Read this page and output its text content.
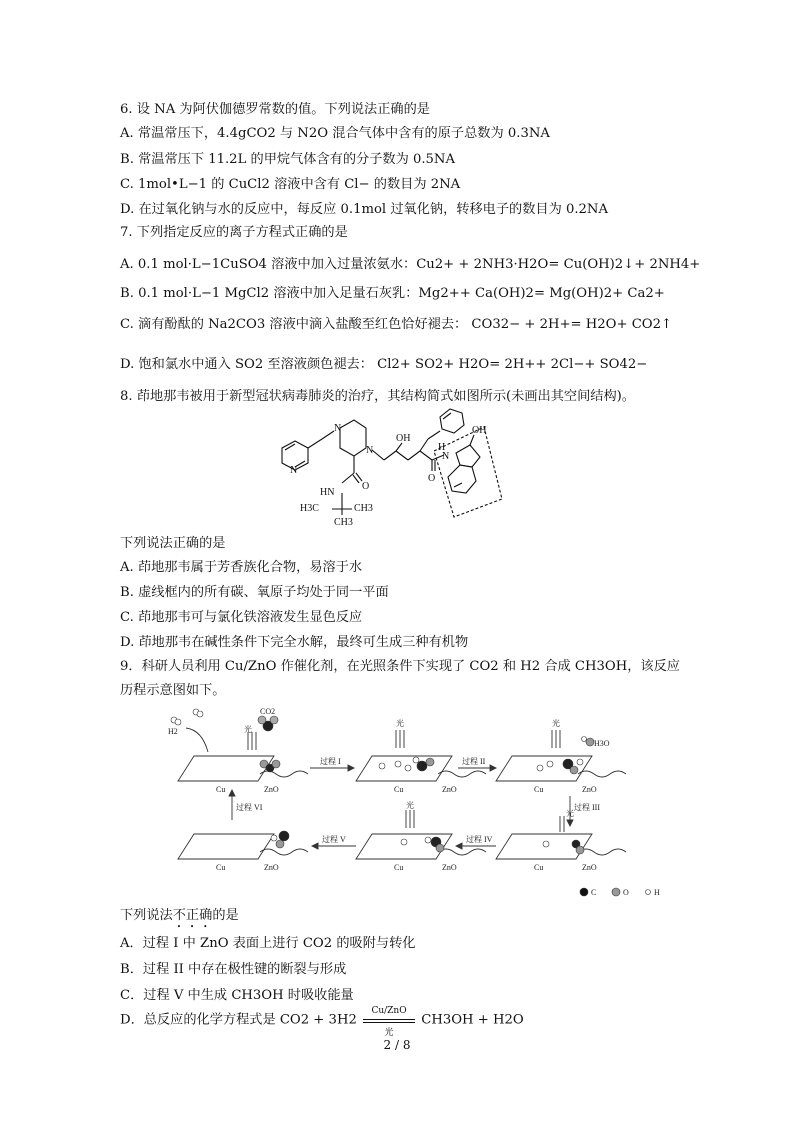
6. 设 NA 为阿伏伽德罗常数的值。下列说法正确的是
A. 常温常压下，4.4gCO2 与 N2O 混合气体中含有的原子总数为 0.3NA
B. 常温常压下 11.2L 的甲烷气体含有的分子数为 0.5NA
C. 1mol•L−1 的 CuCl2 溶液中含有 Cl− 的数目为 2NA
D. 在过氧化钠与水的反应中，每反应 0.1mol 过氧化钠，转移电子的数目为 0.2NA
7. 下列指定反应的离子方程式正确的是
A. 0.1 mol·L−1CuSO4 溶液中加入过量浓氨水：Cu2+ + 2NH3·H2O= Cu(OH)2↓+ 2NH4+
B. 0.1 mol·L−1 MgCl2 溶液中加入足量石灰乳：Mg2++ Ca(OH)2= Mg(OH)2+ Ca2+
C. 滴有酚酞的 Na2CO3 溶液中滴入盐酸至红色恰好褪去： CO32− + 2H+= H2O+ CO2↑
D. 饱和氯水中通入 SO2 至溶液颜色褪去： Cl2+ SO2+ H2O= 2H++ 2Cl−+ SO42−
8. 茚地那韦被用于新型冠状病毒肺炎的治疗，其结构简式如图所示(未画出其空间结构)。
N
N
N
OH
O
HN
H3C	CH3
CH3
O
N
H
OH
下列说法正确的是
A. 茚地那韦属于芳香族化合物，易溶于水
B. 虚线框内的所有碳、氧原子均处于同一平面
C. 茚地那韦可与氯化铁溶液发生显色反应
D. 茚地那韦在碱性条件下完全水解，最终可生成三种有机物
9．科研人员利用 Cu/ZnO 作催化剂，在光照条件下实现了 CO2 和 H2 合成 CH3OH，该反应
历程示意图如下。
H2
CO2
H3O
光
光	光
光
光
Cu	ZnO	Cu	ZnO	Cu	ZnO
Cu	ZnO	Cu	ZnO	Cu	ZnO
过程 I	过程 II
过程 III
过程 IV
过程 V
过程 VI
C	O	H
下列说法不正确的是
A．过程 I 中 ZnO 表面上进行 CO2 的吸附与转化
B．过程 II 中存在极性键的断裂与形成
C．过程 V 中生成 CH3OH 时吸收能量
D．总反应的化学方程式是 CO2 + 3H2
Cu/ZnO
光
CH3OH + H2O
2 / 8
